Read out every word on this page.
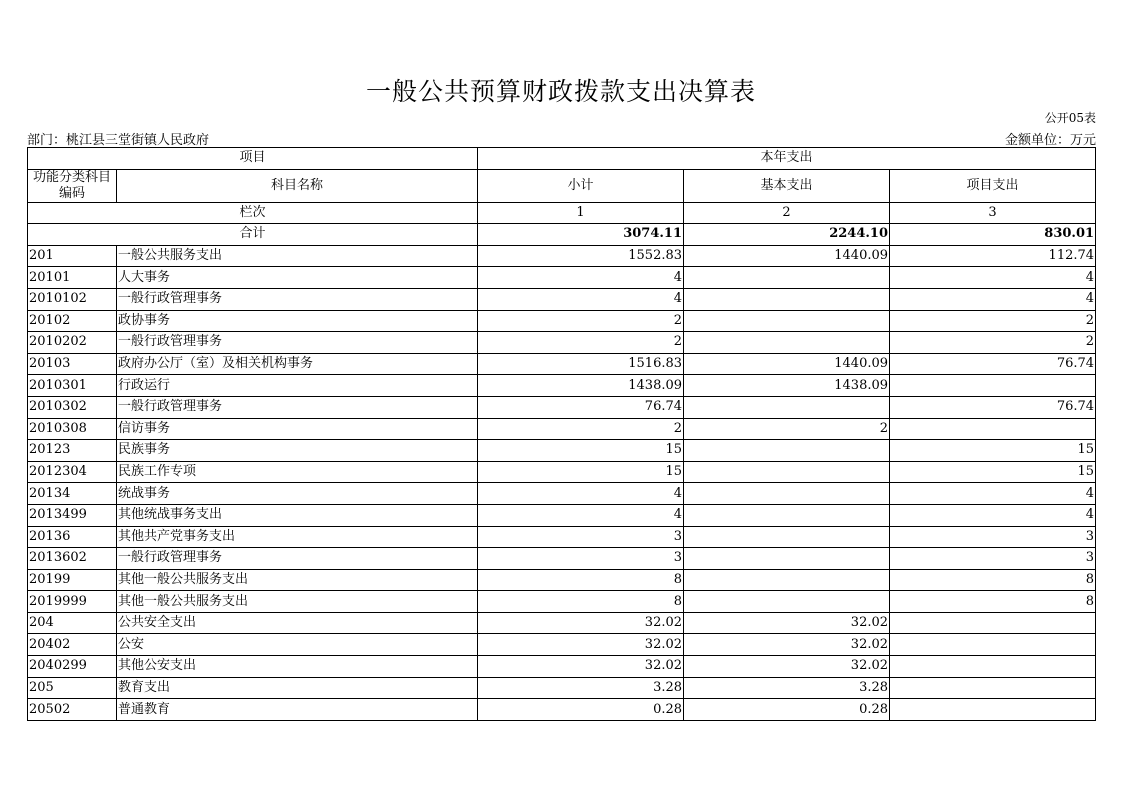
一般公共预算财政拨款支出决算表
公开05表
部门：桃江县三堂街镇人民政府	金额单位：万元
项目		本年支出		
功能分类科目编码	科目名称	小计	基本支出	项目支出
栏次		1	2	3
合计		3074.11	2244.10	830.01
201	一般公共服务支出	1552.83	1440.09	112.74
20101	人大事务	4		4
2010102	一般行政管理事务	4		4
20102	政协事务	2		2
2010202	一般行政管理事务	2		2
20103	政府办公厅（室）及相关机构事务	1516.83	1440.09	76.74
2010301	行政运行	1438.09	1438.09	
2010302	一般行政管理事务	76.74		76.74
2010308	信访事务	2	2	
20123	民族事务	15		15
2012304	民族工作专项	15		15
20134	统战事务	4		4
2013499	其他统战事务支出	4		4
20136	其他共产党事务支出	3		3
2013602	一般行政管理事务	3		3
20199	其他一般公共服务支出	8		8
2019999	其他一般公共服务支出	8		8
204	公共安全支出	32.02	32.02	
20402	公安	32.02	32.02	
2040299	其他公安支出	32.02	32.02	
205	教育支出	3.28	3.28	
20502	普通教育	0.28	0.28	
